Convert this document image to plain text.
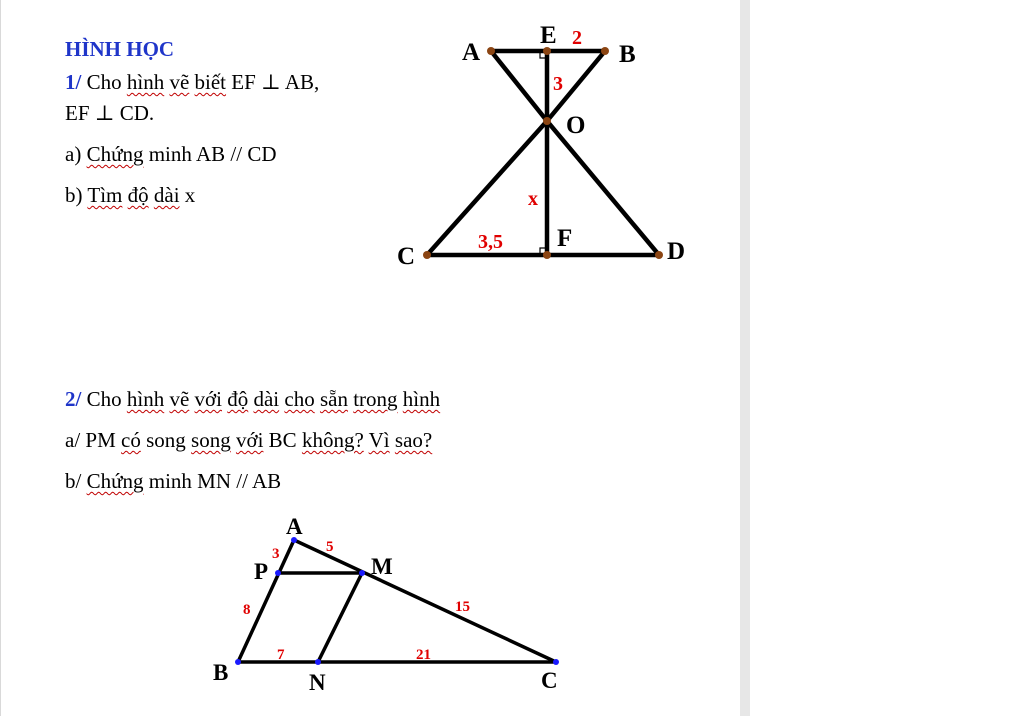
HÌNH HỌC
1/ Cho hình vẽ biết EF ⊥ AB,
EF ⊥ CD.
a) Chứng minh AB // CD
b) Tìm độ dài x
2/ Cho hình vẽ với độ dài cho sẵn trong hình
a/ PM có song song với BC không? Vì sao?
b/ Chứng minh MN // AB
A
E
B
O
C
F	D
2
3
x
3,5
A
P	M
B	N	C
3	5
8	15
7	21
